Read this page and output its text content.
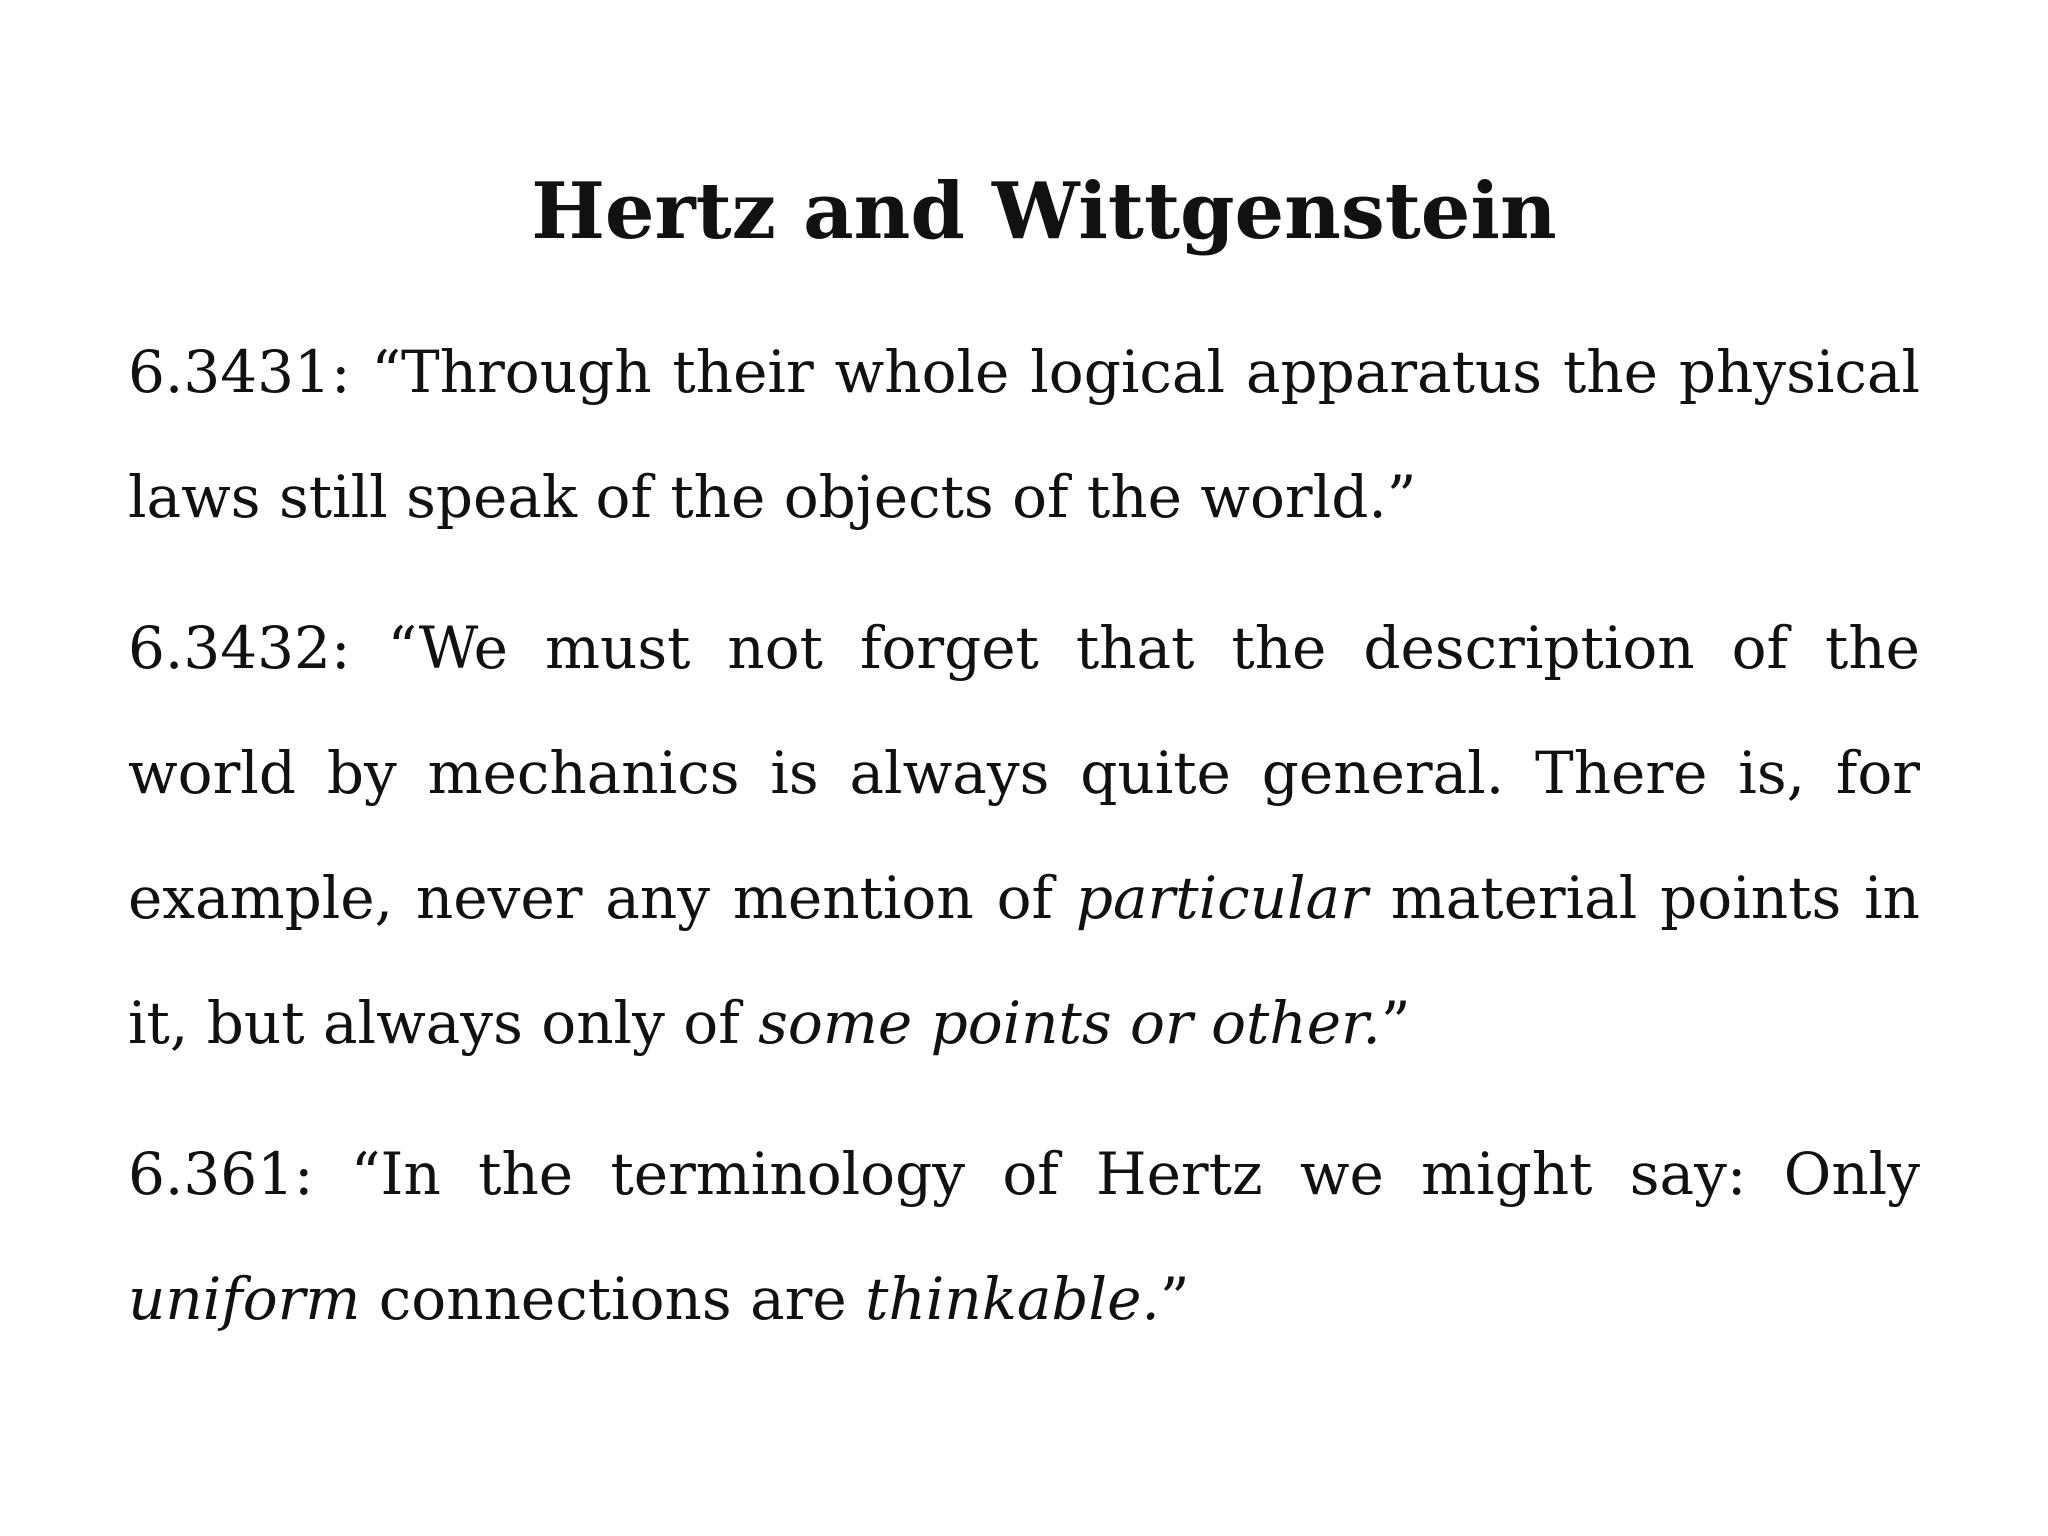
Hertz and Wittgenstein

6.3431: “Through their whole logical apparatus the physical laws still speak of the objects of the world.”

6.3432: “We must not forget that the description of the world by mechanics is always quite general. There is, for example, never any mention of particular material points in it, but always only of some points or other.”

6.361: “In the terminology of Hertz we might say: Only uniform connections are thinkable.”
